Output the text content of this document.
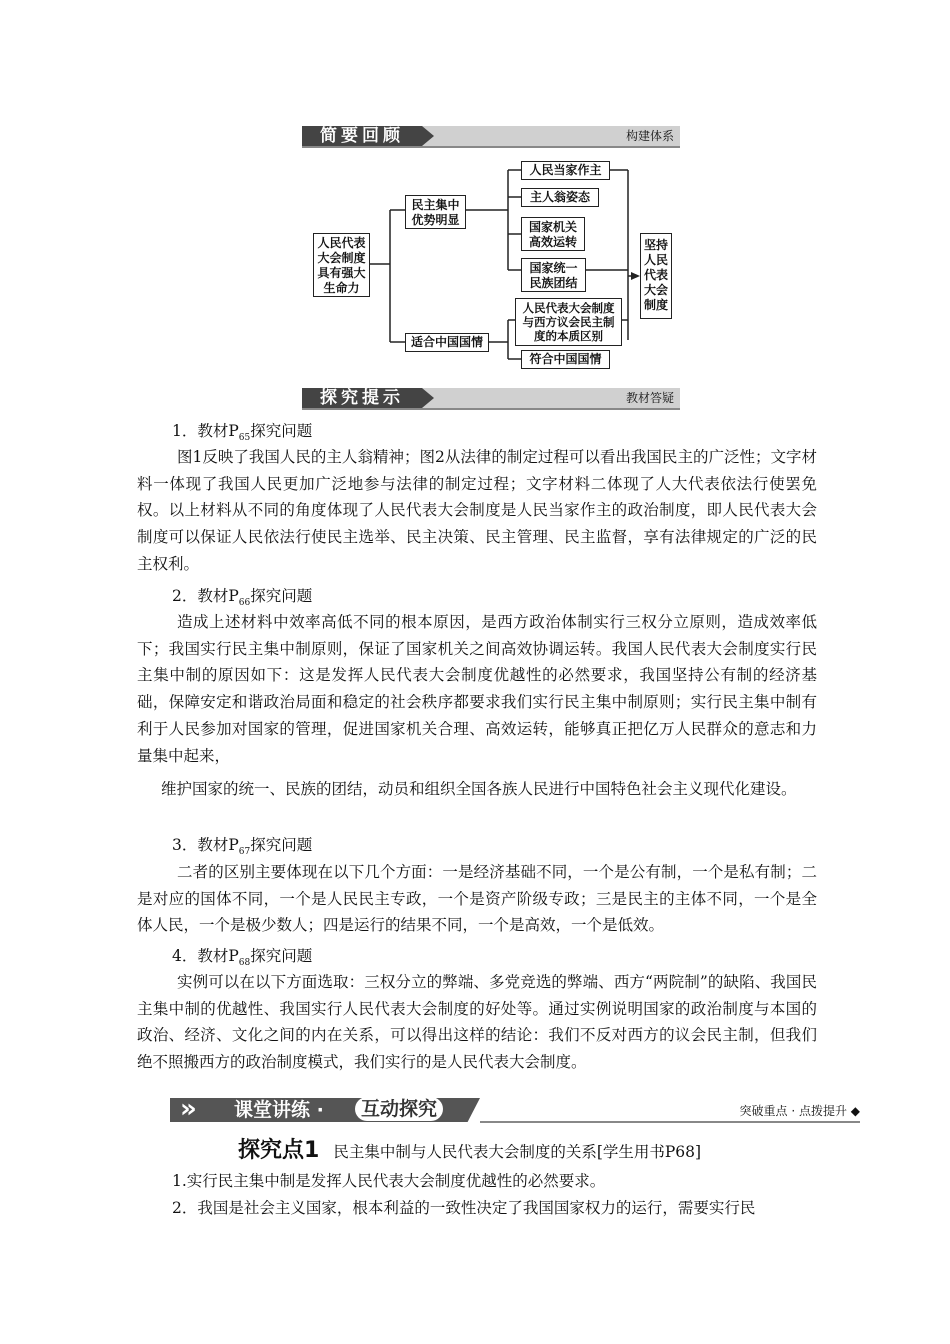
简要回顾	构建体系
人民代表大会制度具有强大生命力
民主集中优势明显
适合中国国情
人民当家作主
主人翁姿态
国家机关高效运转
国家统一民族团结
人民代表大会制度与西方议会民主制度的本质区别
符合中国国情
坚持人民代表大会制度
探究提示	教材答疑
1．教材$P_{65}$探究问题
图1反映了我国人民的主人翁精神；图2从法律的制定过程可以看出我国民主的广泛性；文字材料一体现了我国人民更加广泛地参与法律的制定过程；文字材料二体现了人大代表依法行使罢免权。以上材料从不同的角度体现了人民代表大会制度是人民当家作主的政治制度，即人民代表大会制度可以保证人民依法行使民主选举、民主决策、民主管理、民主监督，享有法律规定的广泛的民主权利。
2．教材$P_{66}$探究问题
造成上述材料中效率高低不同的根本原因，是西方政治体制实行三权分立原则，造成效率低下；我国实行民主集中制原则，保证了国家机关之间高效协调运转。我国人民代表大会制度实行民主集中制的原因如下：这是发挥人民代表大会制度优越性的必然要求，我国坚持公有制的经济基础，保障安定和谐政治局面和稳定的社会秩序都要求我们实行民主集中制原则；实行民主集中制有利于人民参加对国家的管理，促进国家机关合理、高效运转，能够真正把亿万人民群众的意志和力量集中起来，
维护国家的统一、民族的团结，动员和组织全国各族人民进行中国特色社会主义现代化建设。
3．教材$P_{67}$探究问题
二者的区别主要体现在以下几个方面：一是经济基础不同，一个是公有制，一个是私有制；二是对应的国体不同，一个是人民民主专政，一个是资产阶级专政；三是民主的主体不同，一个是全体人民，一个是极少数人；四是运行的结果不同，一个是高效，一个是低效。
4．教材$P_{68}$探究问题
实例可以在以下方面选取：三权分立的弊端、多党竞选的弊端、西方“两院制”的缺陷、我国民主集中制的优越性、我国实行人民代表大会制度的好处等。通过实例说明国家的政治制度与本国的政治、经济、文化之间的内在关系，可以得出这样的结论：我们不反对西方的议会民主制，但我们绝不照搬西方的政治制度模式，我们实行的是人民代表大会制度。
» 课堂讲练 ·	互动探究	突破重点 · 点拨提升 ◆
探究点1 民主集中制与人民代表大会制度的关系[学生用书P68]
1.实行民主集中制是发挥人民代表大会制度优越性的必然要求。
2．我国是社会主义国家，根本利益的一致性决定了我国国家权力的运行，需要实行民
